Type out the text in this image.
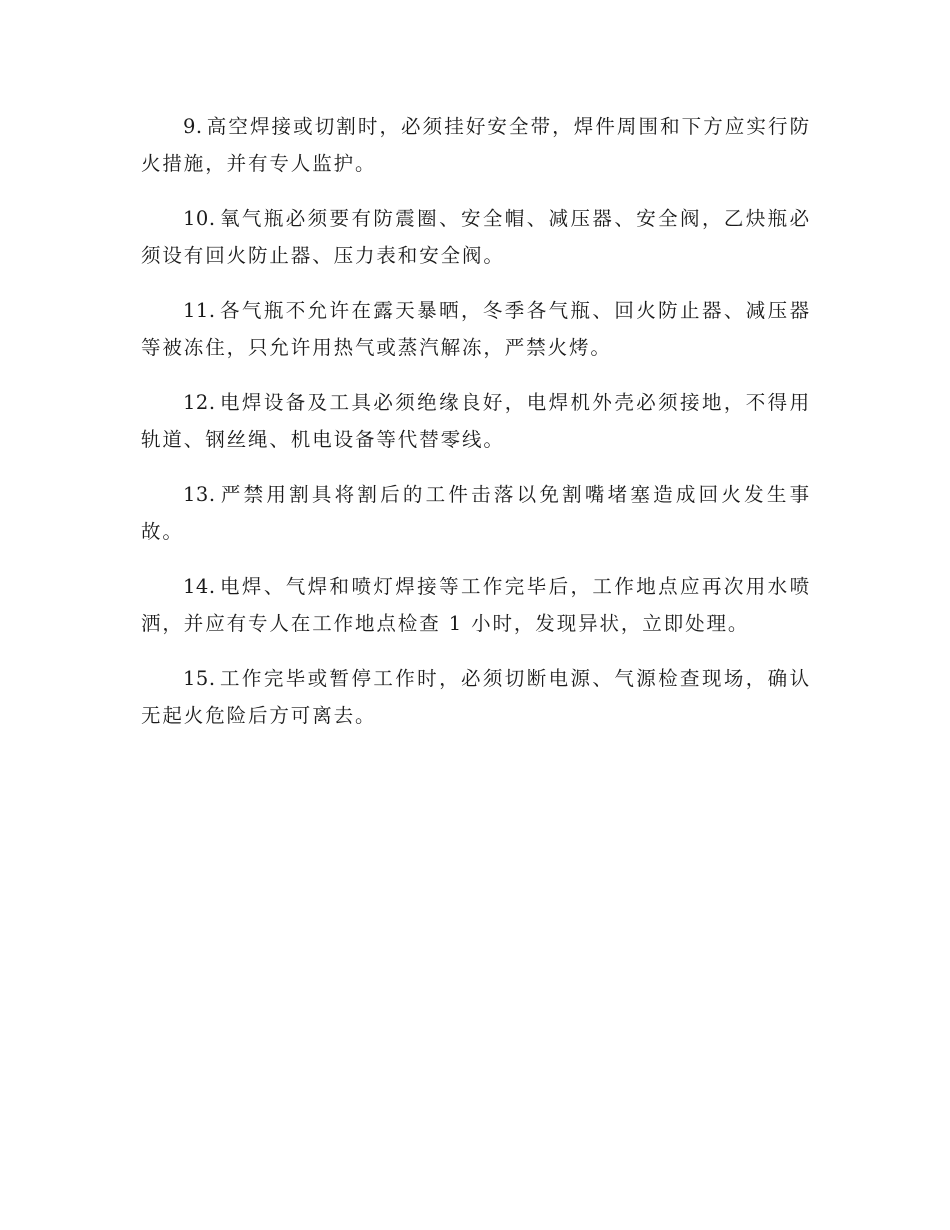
9. 高空焊接或切割时，必须挂好安全带，焊件周围和下方应实行防火措施，并有专人监护。

10. 氧气瓶必须要有防震圈、安全帽、减压器、安全阀，乙炔瓶必须设有回火防止器、压力表和安全阀。

11. 各气瓶不允许在露天暴晒，冬季各气瓶、回火防止器、减压器等被冻住，只允许用热气或蒸汽解冻，严禁火烤。

12. 电焊设备及工具必须绝缘良好，电焊机外壳必须接地，不得用轨道、钢丝绳、机电设备等代替零线。

13. 严禁用割具将割后的工件击落以免割嘴堵塞造成回火发生事故。

14. 电焊、气焊和喷灯焊接等工作完毕后，工作地点应再次用水喷洒，并应有专人在工作地点检查 1 小时，发现异状，立即处理。

15. 工作完毕或暂停工作时，必须切断电源、气源检查现场，确认无起火危险后方可离去。
